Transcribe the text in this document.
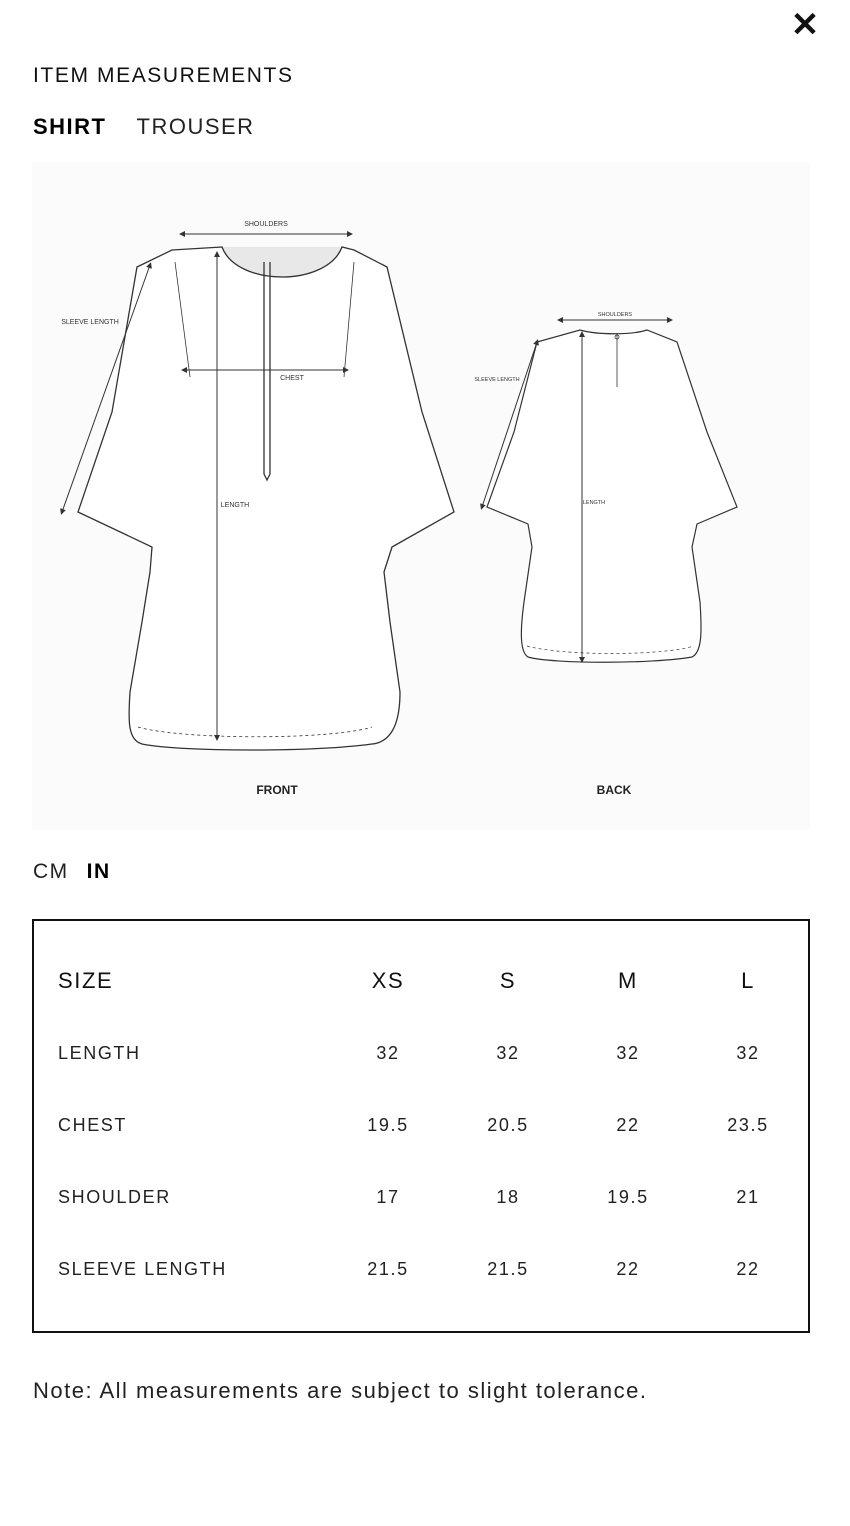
✕
ITEM MEASUREMENTS
SHIRT TROUSER
SHOULDERS
SLEEVE LENGTH
CHEST
LENGTH
FRONT
SHOULDERS
SLEEVE LENGTH
LENGTH
BACK
CM IN
SIZE	XS	S	M	L
LENGTH	32	32	32	32
CHEST	19.5	20.5	22	23.5
SHOULDER	17	18	19.5	21
SLEEVE LENGTH	21.5	21.5	22	22
Note: All measurements are subject to slight tolerance.
